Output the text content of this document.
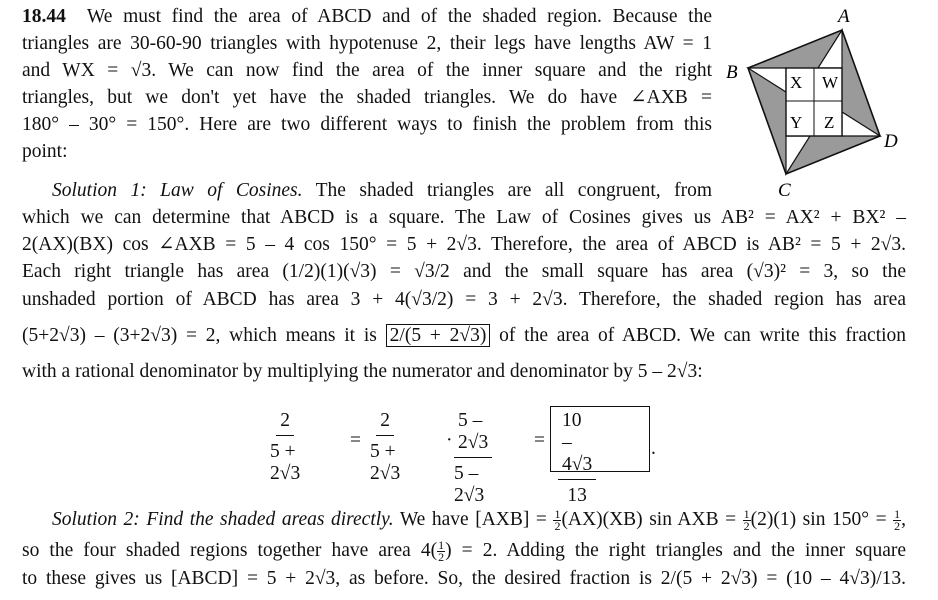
18.44 We must find the area of ABCD and of the shaded region. Because the
triangles are 30-60-90 triangles with hypotenuse 2, their legs have lengths AW = 1
and WX = √3. We can now find the area of the inner square and the right
triangles, but we don't yet have the shaded triangles. We do have ∠AXB =
180° – 30° = 150°. Here are two different ways to finish the problem from this
point:
Solution 1: Law of Cosines. The shaded triangles are all congruent, from
which we can determine that ABCD is a square. The Law of Cosines gives us AB² = AX² + BX² –
2(AX)(BX) cos ∠AXB = 5 – 4 cos 150° = 5 + 2√3. Therefore, the area of ABCD is AB² = 5 + 2√3.
Each right triangle has area (1/2)(1)(√3) = √3/2 and the small square has area (√3)² = 3, so the
unshaded portion of ABCD has area 3 + 4(√3/2) = 3 + 2√3. Therefore, the shaded region has area
(5+2√3) – (3+2√3) = 2, which means it is 2/(5 + 2√3) of the area of ABCD. We can write this fraction
with a rational denominator by multiplying the numerator and denominator by 5 – 2√3:
$\frac{2}{5 + 2√3}$	= $\frac{2}{5 + 2√3} \cdot \frac{5 - 2√3}{5 - 2√3} = \frac{10 - 4√3}{13}$	.
Solution 2: Find the shaded areas directly. We have $[AXB] = \frac{1}{2} (AX)(XB)$ sin AXB = $\frac{1}{2} (2)(1)$ $\sin 150^\circ = \frac{1}{2}$ ,
so the four shaded regions together have area $4( \frac{1}{2}$ ) = 2. Adding the right triangles and the inner square
to these gives us [ABCD] = 5 + 2√3, as before. So, the desired fraction is 2/(5 + 2√3) = (10 – 4√3)/13.
A
B
C
D
X W
Y Z
